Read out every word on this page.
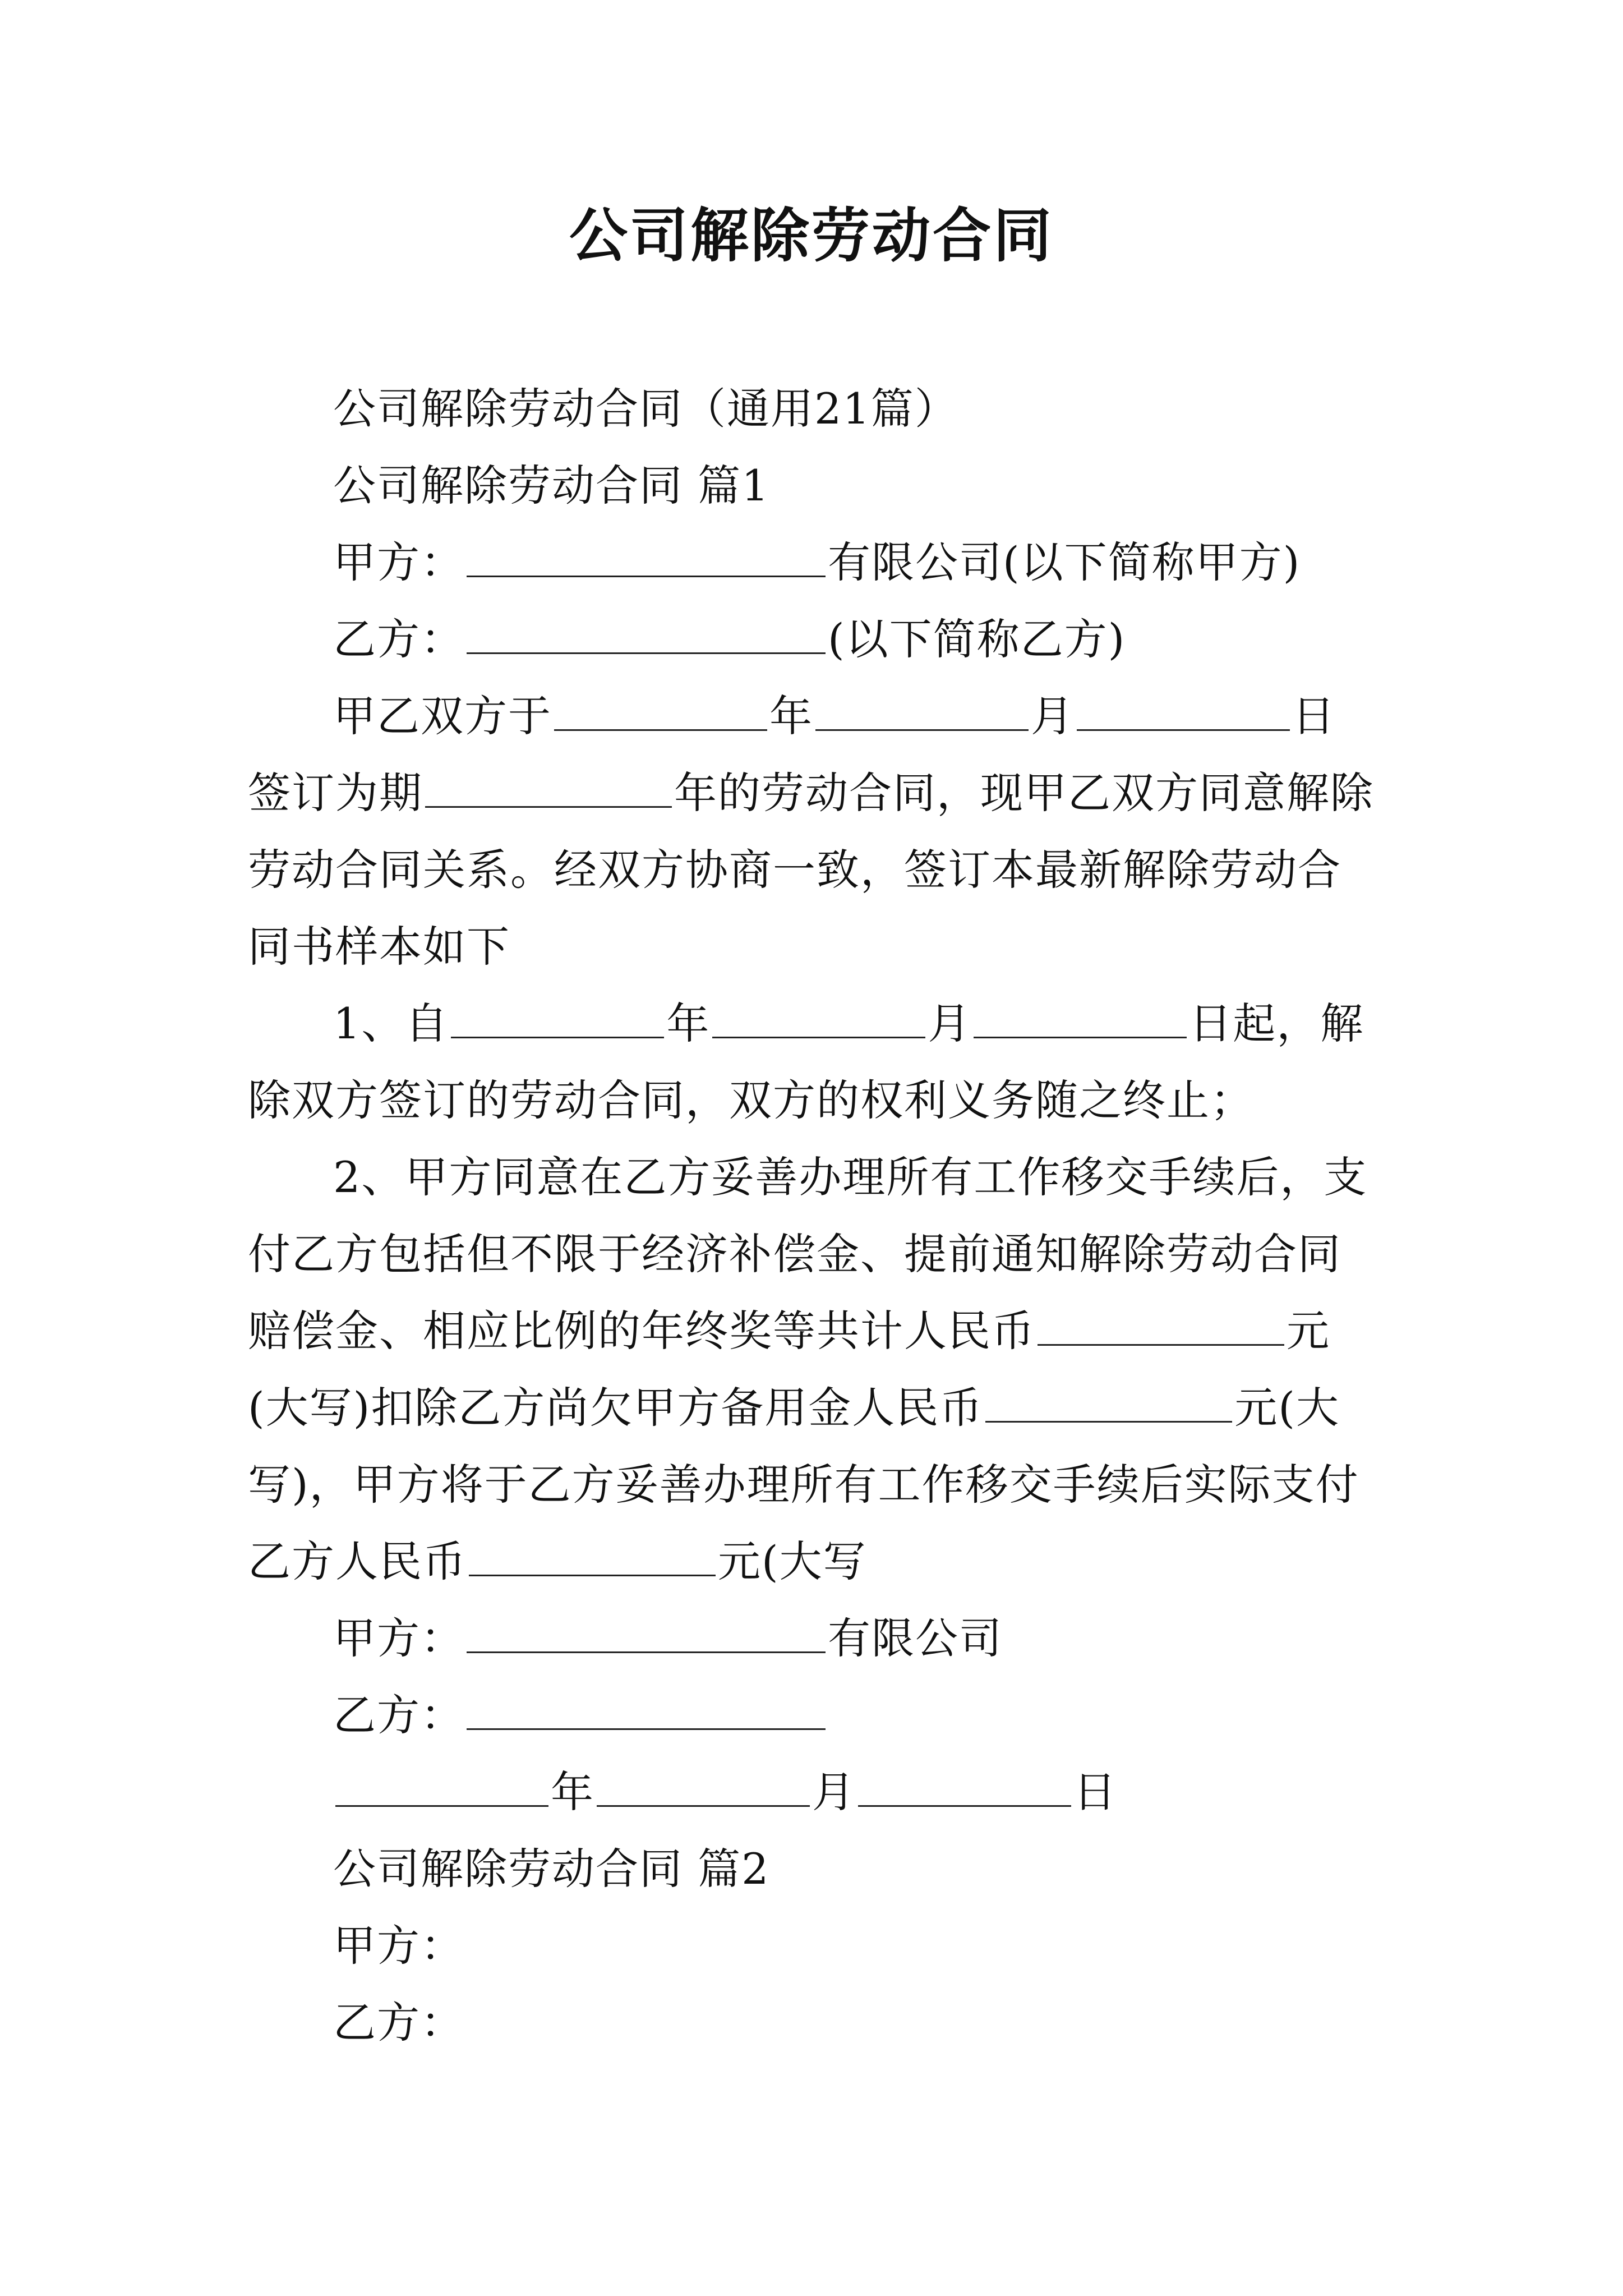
公司解除劳动合同

公司解除劳动合同（通用21篇）

公司解除劳动合同 篇1

甲方：	有限公司(以下简称甲方)

乙方：	(以下简称乙方)

甲乙双方于	年	月	日签订为期	年的劳动合同，现甲乙双方同意解除劳动合同关系。经双方协商一致，签订本最新解除劳动合同书样本如下

1、自	年	月	日起，解除双方签订的劳动合同，双方的权利义务随之终止；

2、甲方同意在乙方妥善办理所有工作移交手续后，支付乙方包括但不限于经济补偿金、提前通知解除劳动合同赔偿金、相应比例的年终奖等共计人民币	元(大写)扣除乙方尚欠甲方备用金人民币	元(大写)，甲方将于乙方妥善办理所有工作移交手续后实际支付乙方人民币	元(大写

甲方：	有限公司

乙方：

年	月	日

公司解除劳动合同 篇2

甲方：

乙方：
